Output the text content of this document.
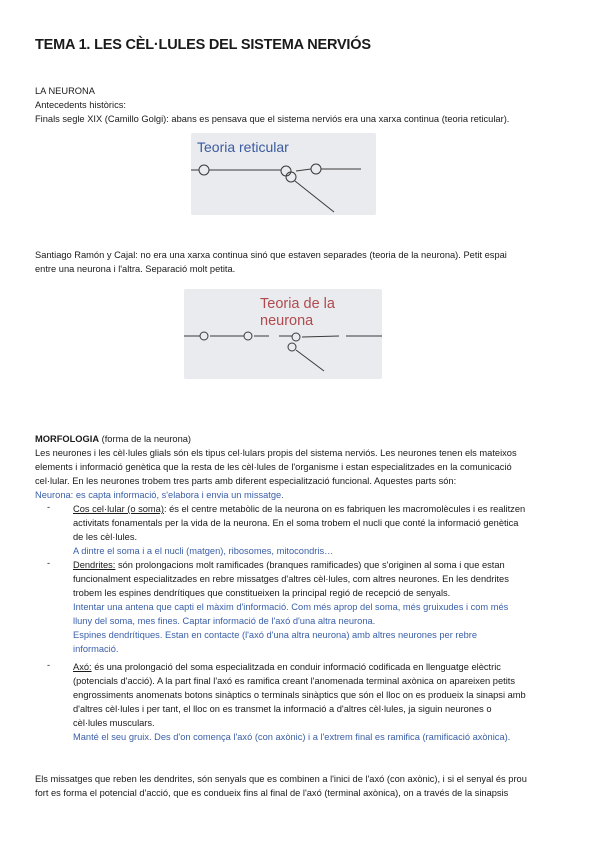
TEMA 1. LES CÈL·LULES DEL SISTEMA NERVIÓS
LA NEURONA
Antecedents històrics:
Finals segle XIX (Camillo Golgi): abans es pensava que el sistema nerviós era una xarxa continua (teoria reticular).
Teoria reticular
Santiago Ramón y Cajal: no era una xarxa continua sinó que estaven separades (teoria de la neurona). Petit espai
entre una neurona i l'altra. Separació molt petita.
Teoria de la
neurona
MORFOLOGIA (forma de la neurona)
Les neurones i les cèl·lules glials són els tipus cel·lulars propis del sistema nerviós. Les neurones tenen els mateixos
elements i informació genètica que la resta de les cèl·lules de l'organisme i estan especialitzades en la comunicació
cel·lular. En les neurones trobem tres parts amb diferent especialització funcional. Aquestes parts són:
Neurona: es capta informació, s'elabora i envia un missatge.
- Cos cel·lular (o soma): és el centre metabòlic de la neurona on es fabriquen les macromolècules i es realitzen
activitats fonamentals per la vida de la neurona. En el soma trobem el nucli que conté la informació genètica
de les cèl·lules.
A dintre el soma i a el nucli (matgen), ribosomes, mitocondris…
- Dendrites: són prolongacions molt ramificades (branques ramificades) que s'originen al soma i que estan
funcionalment especialitzades en rebre missatges d'altres cèl·lules, com altres neurones. En les dendrites
trobem les espines dendrítiques que constitueixen la principal regió de recepció de senyals.
Intentar una antena que capti el màxim d'informació. Com més aprop del soma, més gruixudes i com més
lluny del soma, mes fines. Captar informació de l'axó d'una altra neurona.
Espines dendrítiques. Estan en contacte (l'axó d'una altra neurona) amb altres neurones per rebre
informació.
- Axó: és una prolongació del soma especialitzada en conduir informació codificada en llenguatge elèctric
(potencials d'acció). A la part final l'axó es ramifica creant l'anomenada terminal axònica on apareixen petits
engrossiments anomenats botons sinàptics o terminals sinàptics que són el lloc on es produeix la sinapsi amb
d'altres cèl·lules i per tant, el lloc on es transmet la informació a d'altres cèl·lules, ja siguin neurones o
cèl·lules musculars.
Manté el seu gruix. Des d'on comença l'axó (con axònic) i a l'extrem final es ramifica (ramificació axònica).
Els missatges que reben les dendrites, són senyals que es combinen a l'inici de l'axó (con axònic), i si el senyal és prou
fort es forma el potencial d'acció, que es condueix fins al final de l'axó (terminal axònica), on a través de la sinapsis
